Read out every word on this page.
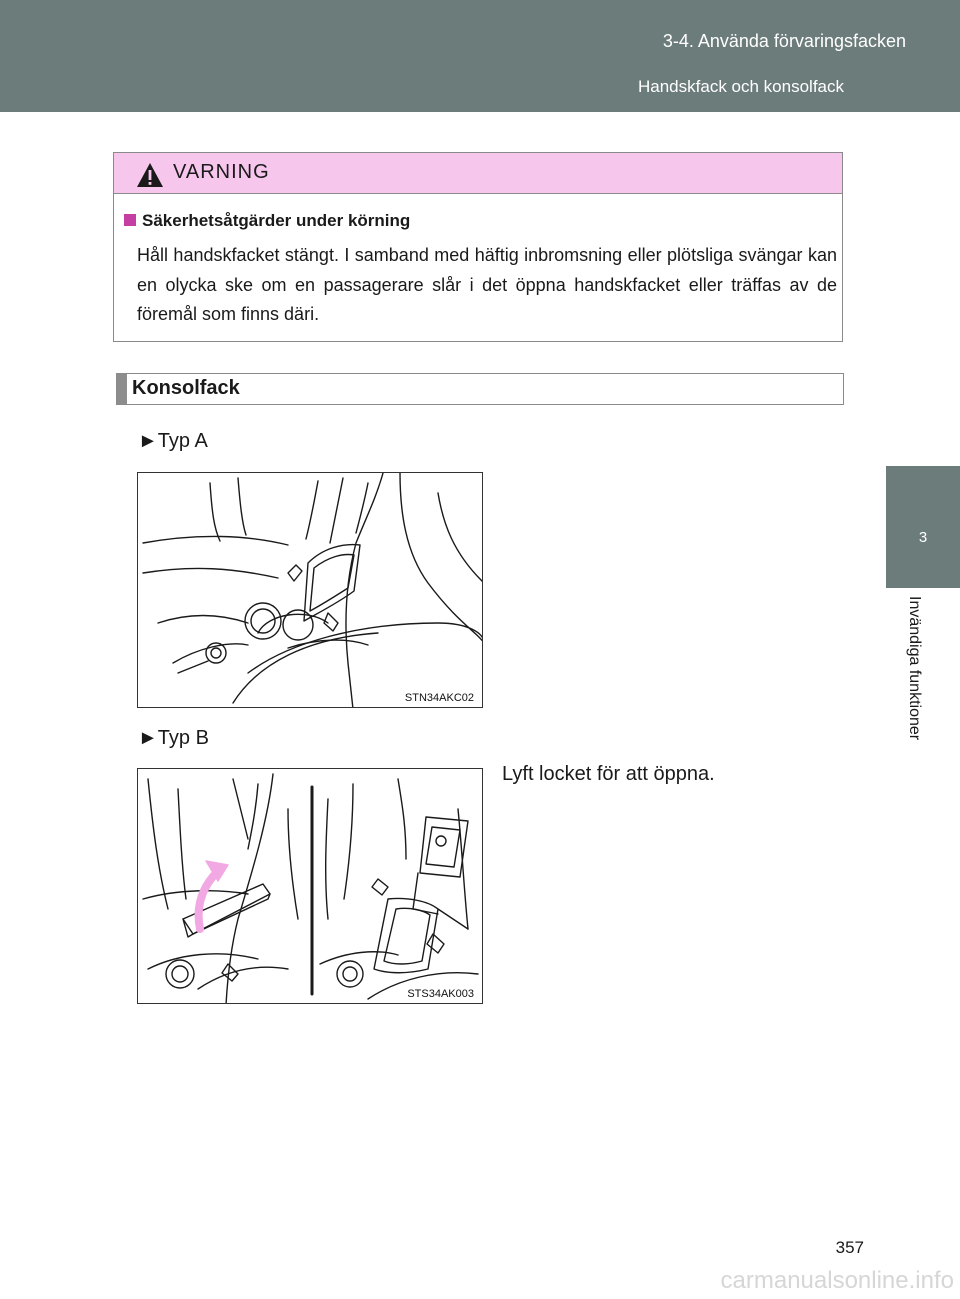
3-4. Använda förvaringsfacken
Handskfack och konsolfack
3
Invändiga funktioner
VARNING
Säkerhetsåtgärder under körning
Håll handskfacket stängt. I samband med häftig inbromsning eller plötsliga svängar kan en olycka ske om en passagerare slår i det öppna handskfacket eller träffas av de föremål som finns däri.
Konsolfack
►Typ A
STN34AKC02
►Typ B
STS34AK003
Lyft locket för att öppna.
357
carmanualsonline.info
